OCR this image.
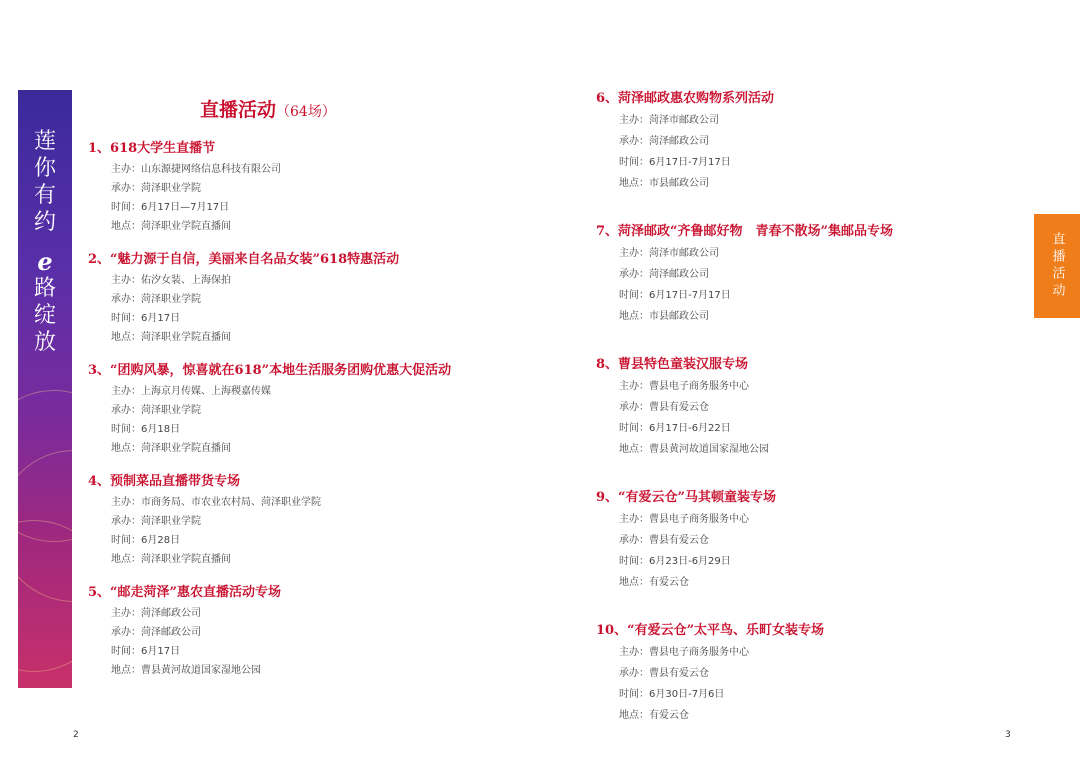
莲
你
有
约
e
路
绽
放
直播活动（64场）
1、618大学生直播节
主办：山东源捷网络信息科技有限公司
承办：菏泽职业学院
时间：6月17日—7月17日
地点：菏泽职业学院直播间
2、“魅力源于自信，美丽来自名品女装”618特惠活动
主办：佑汐女装、上海保拍
承办：菏泽职业学院
时间：6月17日
地点：菏泽职业学院直播间
3、“团购风暴，惊喜就在618”本地生活服务团购优惠大促活动
主办：上海京月传媒、上海稷嘉传媒
承办：菏泽职业学院
时间：6月18日
地点：菏泽职业学院直播间
4、预制菜品直播带货专场
主办：市商务局、市农业农村局、菏泽职业学院
承办：菏泽职业学院
时间：6月28日
地点：菏泽职业学院直播间
5、“邮走菏泽”惠农直播活动专场
主办：菏泽邮政公司
承办：菏泽邮政公司
时间：6月17日
地点：曹县黄河故道国家湿地公园
6、菏泽邮政惠农购物系列活动
主办：菏泽市邮政公司
承办：菏泽邮政公司
时间：6月17日-7月17日
地点：市县邮政公司
7、菏泽邮政“齐鲁邮好物　青春不散场”集邮品专场
主办：菏泽市邮政公司
承办：菏泽邮政公司
时间：6月17日-7月17日
地点：市县邮政公司
8、曹县特色童装汉服专场
主办：曹县电子商务服务中心
承办：曹县有爱云仓
时间：6月17日-6月22日
地点：曹县黄河故道国家湿地公园
9、“有爱云仓”马其顿童装专场
主办：曹县电子商务服务中心
承办：曹县有爱云仓
时间：6月23日-6月29日
地点：有爱云仓
10、“有爱云仓”太平鸟、乐町女装专场
主办：曹县电子商务服务中心
承办：曹县有爱云仓
时间：6月30日-7月6日
地点：有爱云仓
直播活动
2	3
